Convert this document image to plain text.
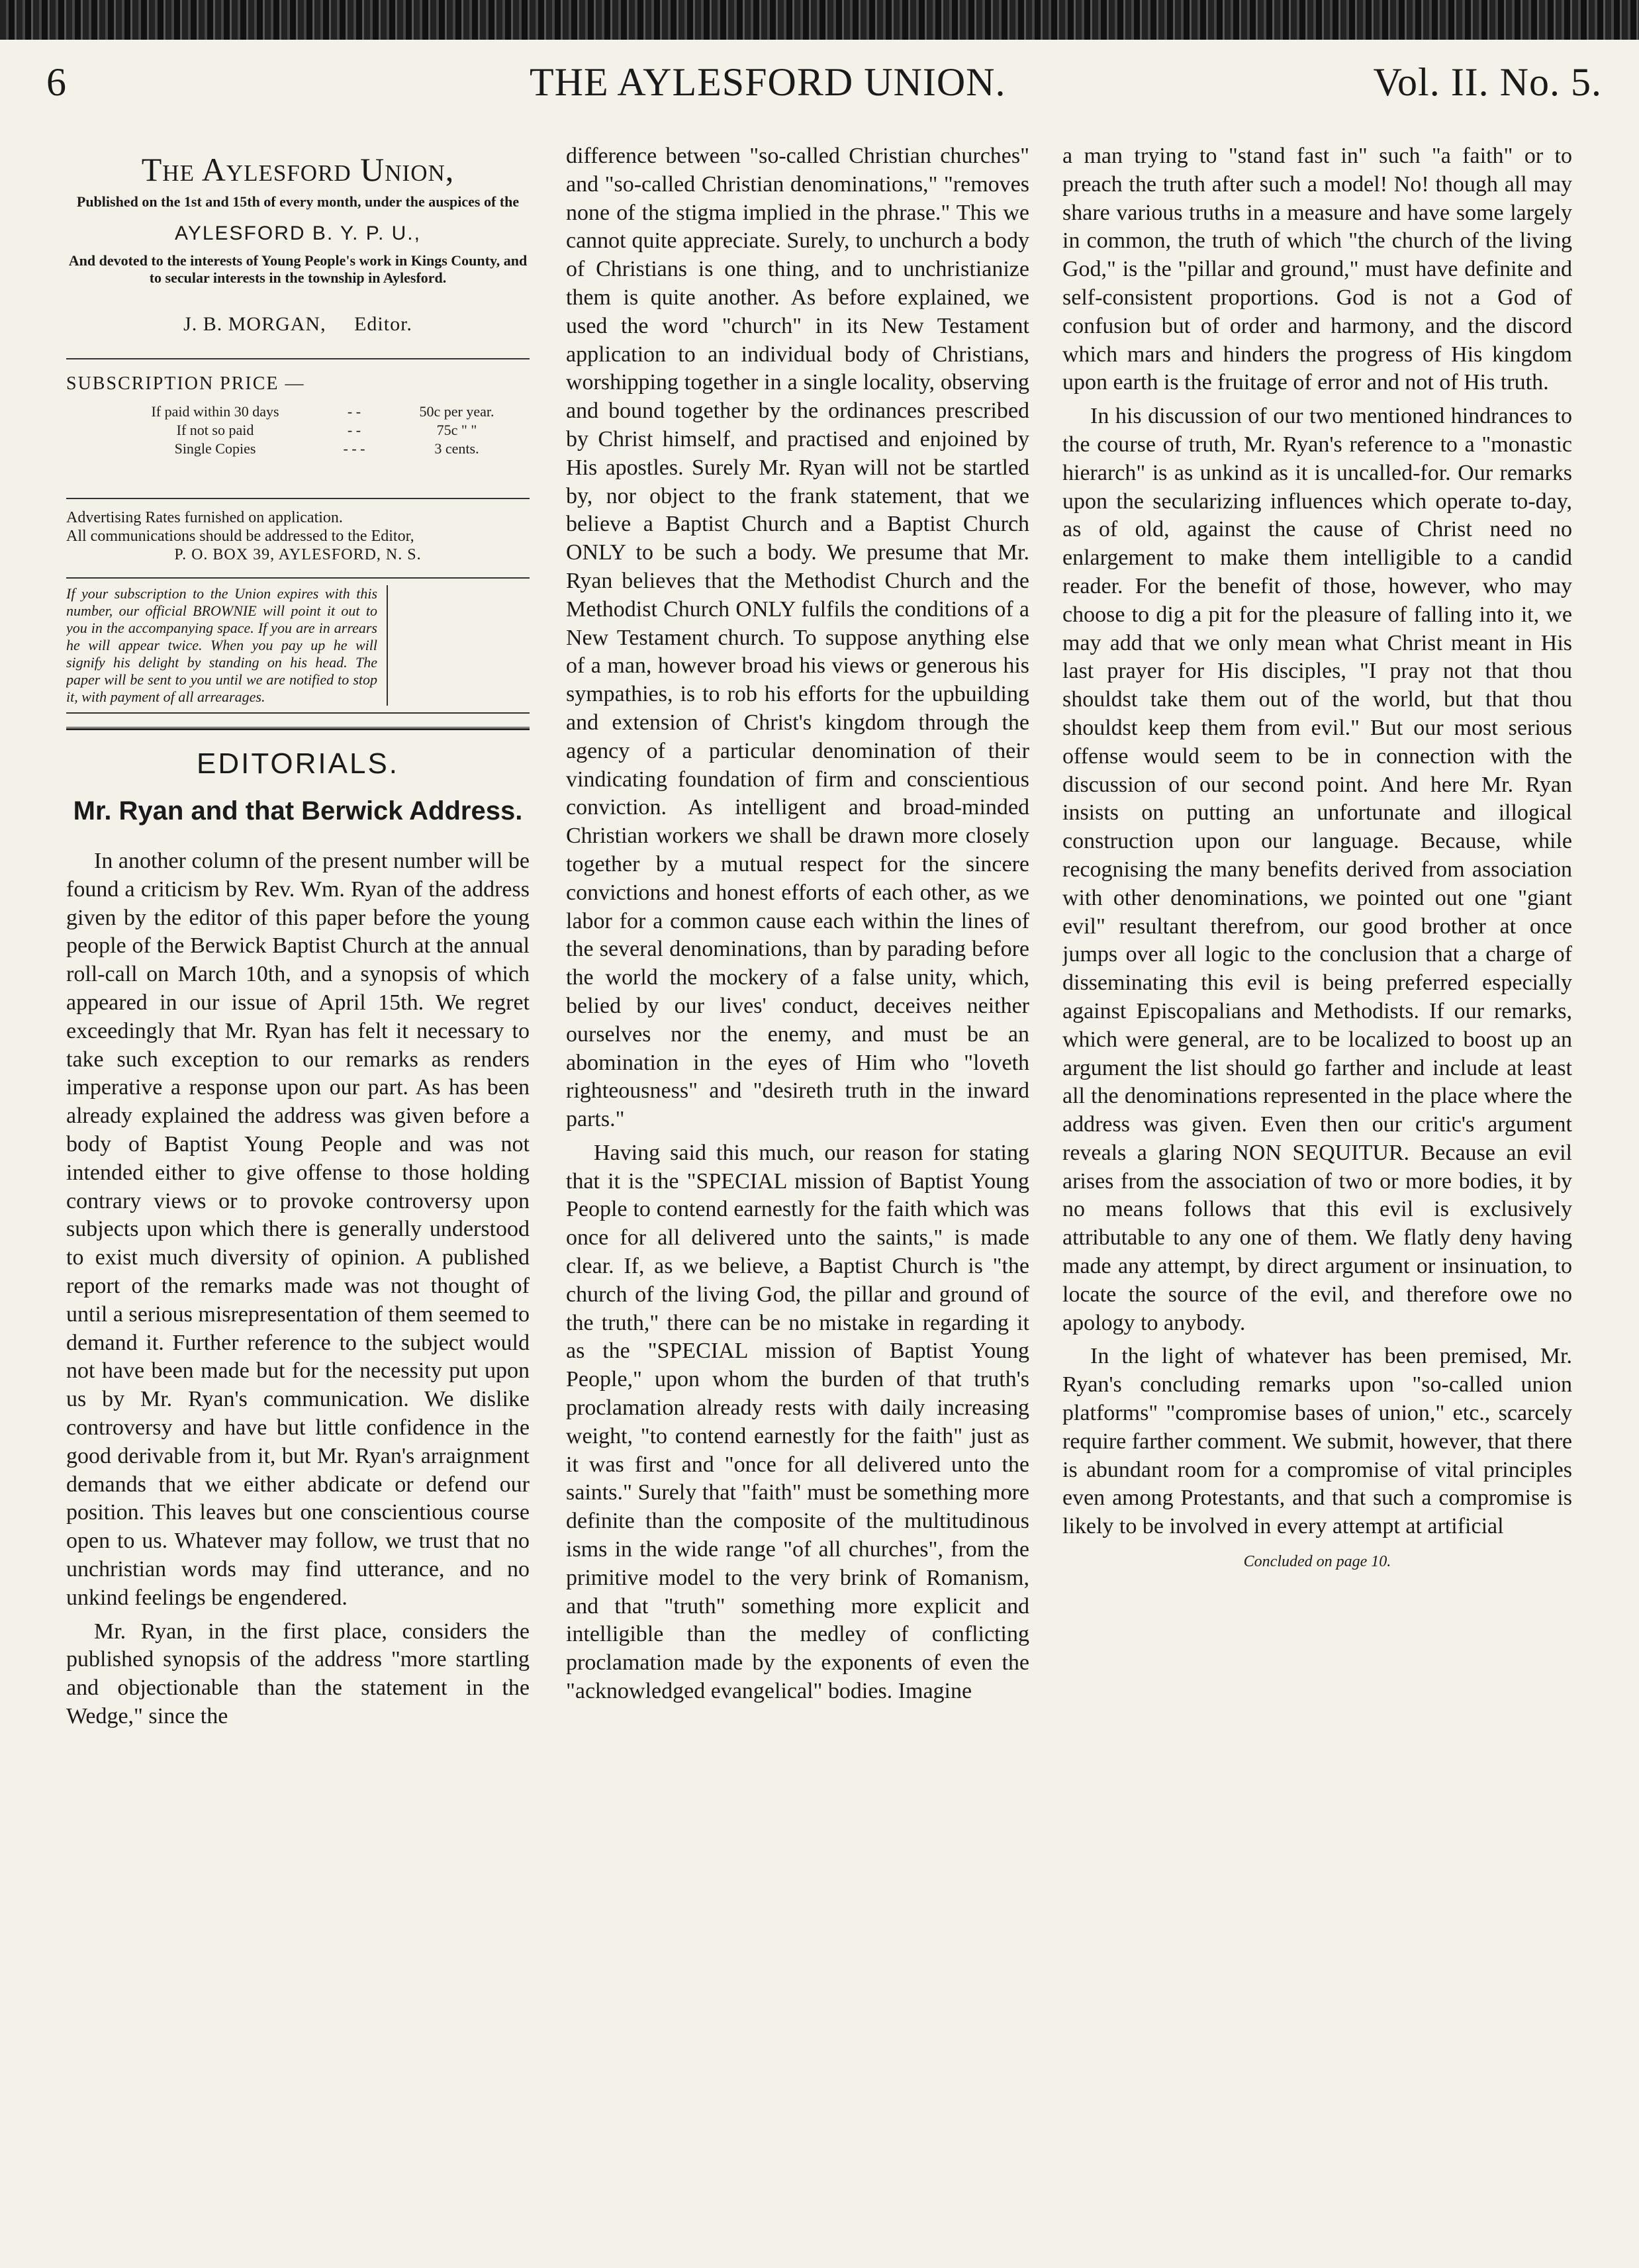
6	THE AYLESFORD UNION.	Vol. II. No. 5.
The Aylesford Union,
Published on the 1st and 15th of every month, under the auspices of the
AYLESFORD B. Y. P. U.,
And devoted to the interests of Young People's work in Kings County, and to secular interests in the township in Aylesford.
J. B. MORGAN, Editor.
SUBSCRIPTION PRICE —
If paid within 30 days	- -	50c per year.
If not so paid	- -	75c " "
Single Copies	- - -	3 cents.
Advertising Rates furnished on application.
All communications should be addressed to the Editor,
P. O. BOX 39, AYLESFORD, N. S.
If your subscription to the Union expires with this number, our official BROWNIE will point it out to you in the accompanying space. If you are in arrears he will appear twice. When you pay up he will signify his delight by standing on his head. The paper will be sent to you until we are notified to stop it, with payment of all arrearages.
EDITORIALS.
Mr. Ryan and that Berwick Address.

In another column of the present number will be found a criticism by Rev. Wm. Ryan of the address given by the editor of this paper before the young people of the Berwick Baptist Church at the annual roll-call on March 10th, and a synopsis of which appeared in our issue of April 15th. We regret exceedingly that Mr. Ryan has felt it necessary to take such exception to our remarks as renders imperative a response upon our part. As has been already explained the address was given before a body of Baptist Young People and was not intended either to give offense to those holding contrary views or to provoke controversy upon subjects upon which there is generally understood to exist much diversity of opinion. A published report of the remarks made was not thought of until a serious misrepresentation of them seemed to demand it. Further reference to the subject would not have been made but for the necessity put upon us by Mr. Ryan's communication. We dislike controversy and have but little confidence in the good derivable from it, but Mr. Ryan's arraignment demands that we either abdicate or defend our position. This leaves but one conscientious course open to us. Whatever may follow, we trust that no unchristian words may find utterance, and no unkind feelings be engendered.

Mr. Ryan, in the first place, considers the published synopsis of the address "more startling and objectionable than the statement in the Wedge," since the

difference between "so-called Christian churches" and "so-called Christian denominations," "removes none of the stigma implied in the phrase." This we cannot quite appreciate. Surely, to unchurch a body of Christians is one thing, and to unchristianize them is quite another. As before explained, we used the word "church" in its New Testament application to an individual body of Christians, worshipping together in a single locality, observing and bound together by the ordinances prescribed by Christ himself, and practised and enjoined by His apostles. Surely Mr. Ryan will not be startled by, nor object to the frank statement, that we believe a Baptist Church and a Baptist Church ONLY to be such a body. We presume that Mr. Ryan believes that the Methodist Church and the Methodist Church ONLY fulfils the conditions of a New Testament church. To suppose anything else of a man, however broad his views or generous his sympathies, is to rob his efforts for the upbuilding and extension of Christ's kingdom through the agency of a particular denomination of their vindicating foundation of firm and conscientious conviction. As intelligent and broad-minded Christian workers we shall be drawn more closely together by a mutual respect for the sincere convictions and honest efforts of each other, as we labor for a common cause each within the lines of the several denominations, than by parading before the world the mockery of a false unity, which, belied by our lives' conduct, deceives neither ourselves nor the enemy, and must be an abomination in the eyes of Him who "loveth righteousness" and "desireth truth in the inward parts."

Having said this much, our reason for stating that it is the "SPECIAL mission of Baptist Young People to contend earnestly for the faith which was once for all delivered unto the saints," is made clear. If, as we believe, a Baptist Church is "the church of the living God, the pillar and ground of the truth," there can be no mistake in regarding it as the "SPECIAL mission of Baptist Young People," upon whom the burden of that truth's proclamation already rests with daily increasing weight, "to contend earnestly for the faith" just as it was first and "once for all delivered unto the saints." Surely that "faith" must be something more definite than the composite of the multitudinous isms in the wide range "of all churches", from the primitive model to the very brink of Romanism, and that "truth" something more explicit and intelligible than the medley of conflicting proclamation made by the exponents of even the "acknowledged evangelical" bodies. Imagine

a man trying to "stand fast in" such "a faith" or to preach the truth after such a model! No! though all may share various truths in a measure and have some largely in common, the truth of which "the church of the living God," is the "pillar and ground," must have definite and self-consistent proportions. God is not a God of confusion but of order and harmony, and the discord which mars and hinders the progress of His kingdom upon earth is the fruitage of error and not of His truth.

In his discussion of our two mentioned hindrances to the course of truth, Mr. Ryan's reference to a "monastic hierarch" is as unkind as it is uncalled-for. Our remarks upon the secularizing influences which operate to-day, as of old, against the cause of Christ need no enlargement to make them intelligible to a candid reader. For the benefit of those, however, who may choose to dig a pit for the pleasure of falling into it, we may add that we only mean what Christ meant in His last prayer for His disciples, "I pray not that thou shouldst take them out of the world, but that thou shouldst keep them from evil." But our most serious offense would seem to be in connection with the discussion of our second point. And here Mr. Ryan insists on putting an unfortunate and illogical construction upon our language. Because, while recognising the many benefits derived from association with other denominations, we pointed out one "giant evil" resultant therefrom, our good brother at once jumps over all logic to the conclusion that a charge of disseminating this evil is being preferred especially against Episcopalians and Methodists. If our remarks, which were general, are to be localized to boost up an argument the list should go farther and include at least all the denominations represented in the place where the address was given. Even then our critic's argument reveals a glaring NON SEQUITUR. Because an evil arises from the association of two or more bodies, it by no means follows that this evil is exclusively attributable to any one of them. We flatly deny having made any attempt, by direct argument or insinuation, to locate the source of the evil, and therefore owe no apology to anybody.

In the light of whatever has been premised, Mr. Ryan's concluding remarks upon "so-called union platforms" "compromise bases of union," etc., scarcely require farther comment. We submit, however, that there is abundant room for a compromise of vital principles even among Protestants, and that such a compromise is likely to be involved in every attempt at artificial

Concluded on page 10.
